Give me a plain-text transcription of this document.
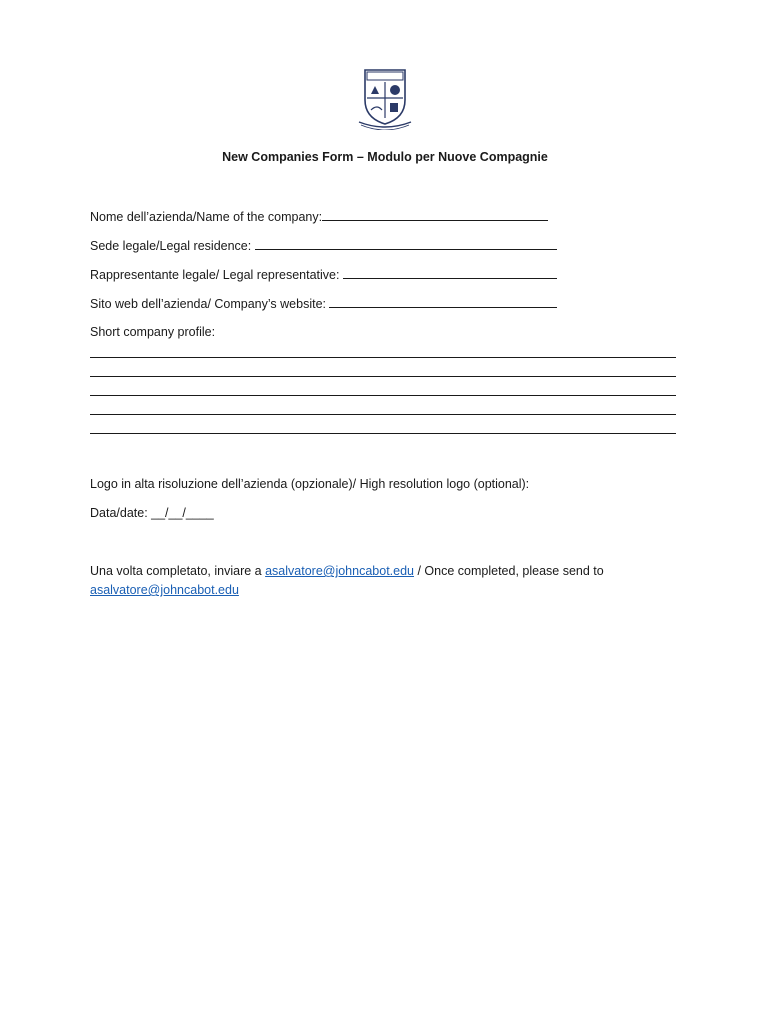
New Companies Form – Modulo per Nuove Compagnie
Nome dell’azienda/Name of the company:
Sede legale/Legal residence:
Rappresentante legale/ Legal representative:
Sito web dell’azienda/ Company’s website:
Short company profile:
Logo in alta risoluzione dell’azienda (opzionale)/ High resolution logo (optional):
Data/date: __/__/____
Una volta completato, inviare a asalvatore@johncabot.edu / Once completed, please send to
asalvatore@johncabot.edu
